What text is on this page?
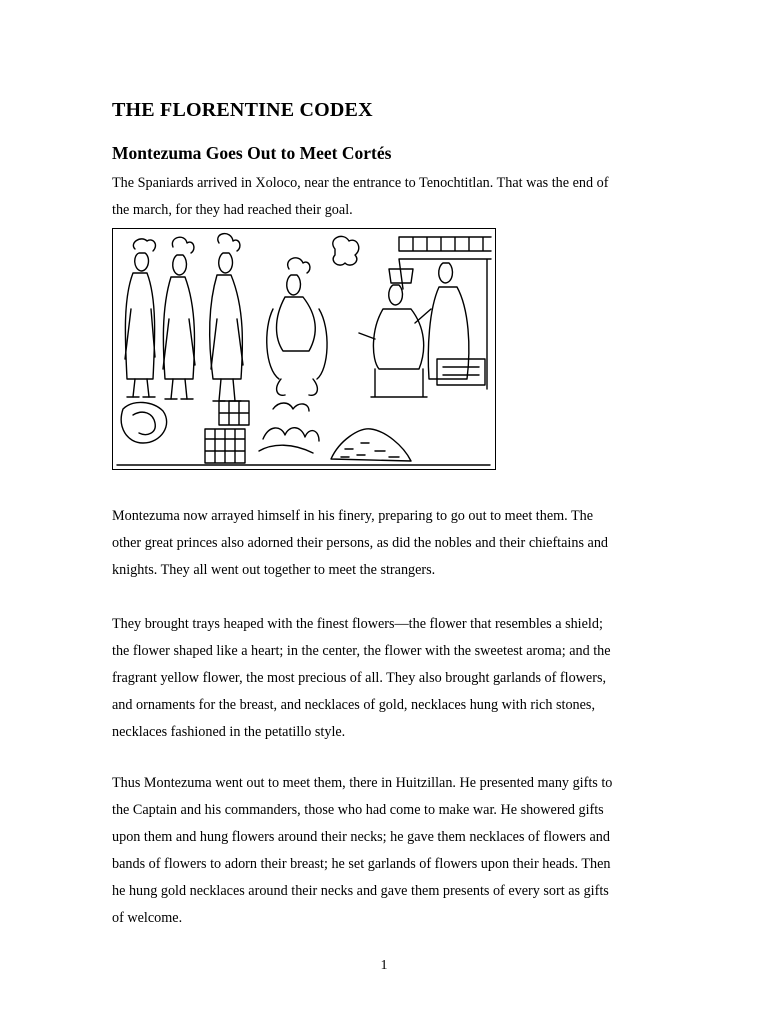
THE FLORENTINE CODEX
Montezuma Goes Out to Meet Cortés

The Spaniards arrived in Xoloco, near the entrance to Tenochtitlan. That was the end of
the march, for they had reached their goal.

Montezuma now arrayed himself in his finery, preparing to go out to meet them. The
other great princes also adorned their persons, as did the nobles and their chieftains and
knights. They all went out together to meet the strangers.

They brought trays heaped with the finest flowers—the flower that resembles a shield;
the flower shaped like a heart; in the center, the flower with the sweetest aroma; and the
fragrant yellow flower, the most precious of all. They also brought garlands of flowers,
and ornaments for the breast, and necklaces of gold, necklaces hung with rich stones,
necklaces fashioned in the petatillo style.

Thus Montezuma went out to meet them, there in Huitzillan. He presented many gifts to
the Captain and his commanders, those who had come to make war. He showered gifts
upon them and hung flowers around their necks; he gave them necklaces of flowers and
bands of flowers to adorn their breast; he set garlands of flowers upon their heads. Then
he hung gold necklaces around their necks and gave them presents of every sort as gifts
of welcome.

1
